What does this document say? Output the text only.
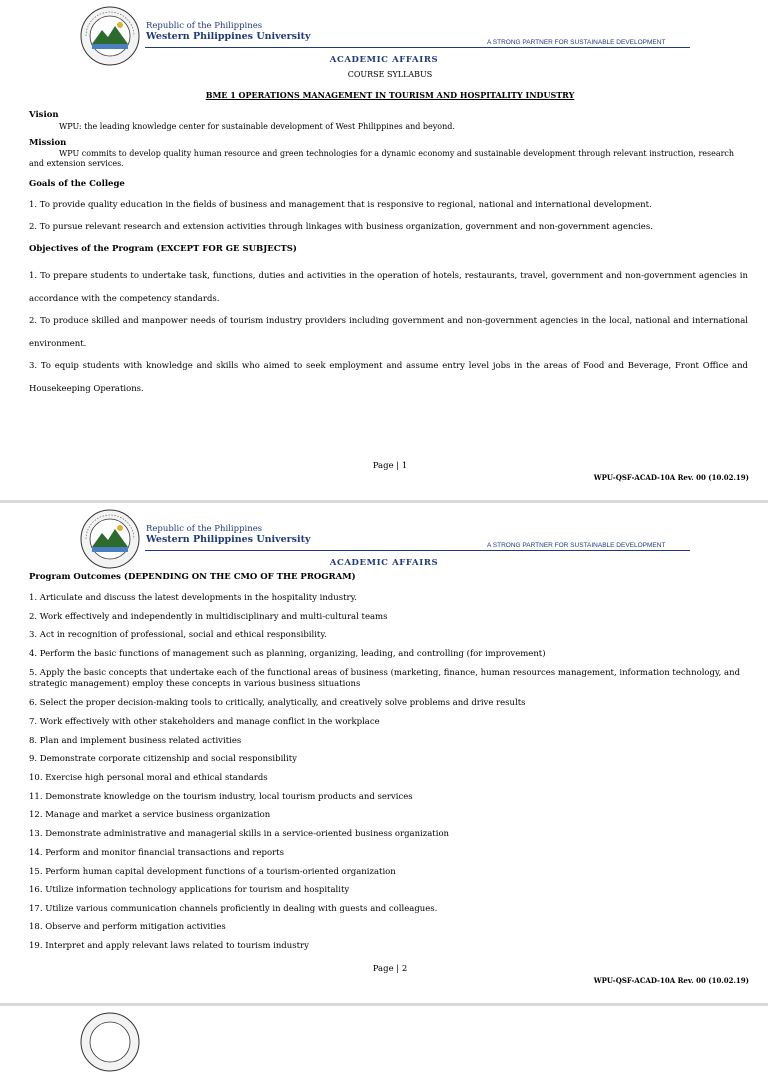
Republic of the Philippines
Western Philippines University
A STRONG PARTNER FOR SUSTAINABLE DEVELOPMENT
ACADEMIC AFFAIRS
COURSE SYLLABUS
BME 1 OPERATIONS MANAGEMENT IN TOURISM AND HOSPITALITY INDUSTRY
Vision
WPU: the leading knowledge center for sustainable development of West Philippines and beyond.
Mission
WPU commits to develop quality human resource and green technologies for a dynamic economy and sustainable development through relevant instruction, research and extension services.
Goals of the College
1. To provide quality education in the fields of business and management that is responsive to regional, national and international development.
2. To pursue relevant research and extension activities through linkages with business organization, government and non-government agencies.
Objectives of the Program (EXCEPT FOR GE SUBJECTS)
1. To prepare students to undertake task, functions, duties and activities in the operation of hotels, restaurants, travel, government and non-government agencies in accordance with the competency standards.
2. To produce skilled and manpower needs of tourism industry providers including government and non-government agencies in the local, national and international environment.
3. To equip students with knowledge and skills who aimed to seek employment and assume entry level jobs in the areas of Food and Beverage, Front Office and Housekeeping Operations.
Page | 1
WPU-QSF-ACAD-10A Rev. 00 (10.02.19)
Republic of the Philippines
Western Philippines University
A STRONG PARTNER FOR SUSTAINABLE DEVELOPMENT
ACADEMIC AFFAIRS
Program Outcomes (DEPENDING ON THE CMO OF THE PROGRAM)
1. Articulate and discuss the latest developments in the hospitality industry.
2. Work effectively and independently in multidisciplinary and multi-cultural teams
3. Act in recognition of professional, social and ethical responsibility.
4. Perform the basic functions of management such as planning, organizing, leading, and controlling (for improvement)
5. Apply the basic concepts that undertake each of the functional areas of business (marketing, finance, human resources management, information technology, and strategic management) employ these concepts in various business situations
6. Select the proper decision-making tools to critically, analytically, and creatively solve problems and drive results
7. Work effectively with other stakeholders and manage conflict in the workplace
8. Plan and implement business related activities
9. Demonstrate corporate citizenship and social responsibility
10. Exercise high personal moral and ethical standards
11. Demonstrate knowledge on the tourism industry, local tourism products and services
12. Manage and market a service business organization
13. Demonstrate administrative and managerial skills in a service-oriented business organization
14. Perform and monitor financial transactions and reports
15. Perform human capital development functions of a tourism-oriented organization
16. Utilize information technology applications for tourism and hospitality
17. Utilize various communication channels proficiently in dealing with guests and colleagues.
18. Observe and perform mitigation activities
19. Interpret and apply relevant laws related to tourism industry
Page | 2
WPU-QSF-ACAD-10A Rev. 00 (10.02.19)
